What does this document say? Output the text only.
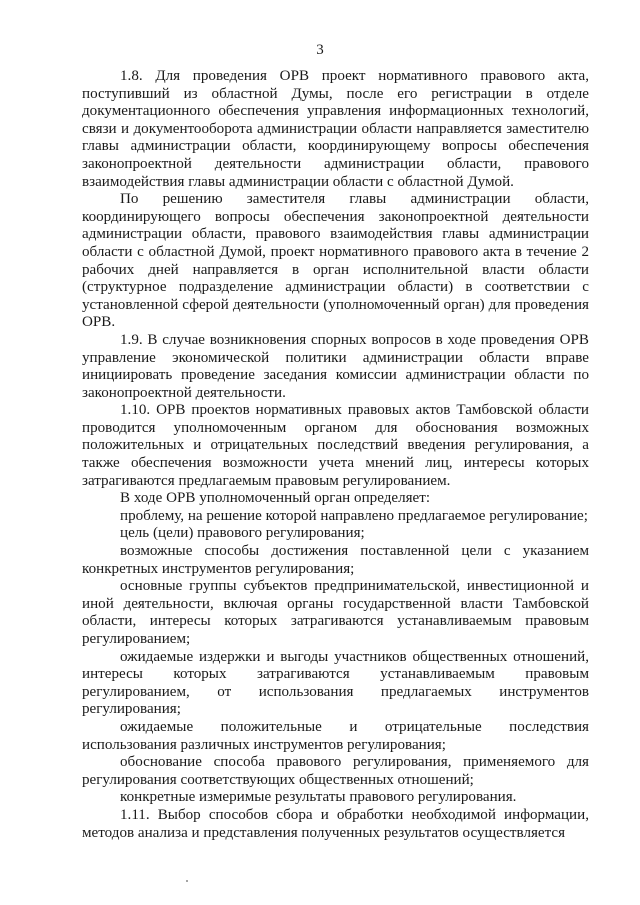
3

1.8. Для проведения ОРВ проект нормативного правового акта, поступивший из областной Думы, после его регистрации в отделе документационного обеспечения управления информационных технологий, связи и документооборота администрации области направляется заместителю главы администрации области, координирующему вопросы обеспечения законопроектной деятельности администрации области, правового взаимодействия главы администрации области с областной Думой.

По решению заместителя главы администрации области, координирующего вопросы обеспечения законопроектной деятельности администрации области, правового взаимодействия главы администрации области с областной Думой, проект нормативного правового акта в течение 2 рабочих дней направляется в орган исполнительной власти области (структурное подразделение администрации области) в соответствии с установленной сферой деятельности (уполномоченный орган) для проведения ОРВ.

1.9. В случае возникновения спорных вопросов в ходе проведения ОРВ управление экономической политики администрации области вправе инициировать проведение заседания комиссии администрации области по законопроектной деятельности.

1.10. ОРВ проектов нормативных правовых актов Тамбовской области проводится уполномоченным органом для обоснования возможных положительных и отрицательных последствий введения регулирования, а также обеспечения возможности учета мнений лиц, интересы которых затрагиваются предлагаемым правовым регулированием.

В ходе ОРВ уполномоченный орган определяет:

проблему, на решение которой направлено предлагаемое регулирование;

цель (цели) правового регулирования;

возможные способы достижения поставленной цели с указанием конкретных инструментов регулирования;

основные группы субъектов предпринимательской, инвестиционной и иной деятельности, включая органы государственной власти Тамбовской области, интересы которых затрагиваются устанавливаемым правовым регулированием;

ожидаемые издержки и выгоды участников общественных отношений, интересы которых затрагиваются устанавливаемым правовым регулированием, от использования предлагаемых инструментов регулирования;

ожидаемые положительные и отрицательные последствия использования различных инструментов регулирования;

обоснование способа правового регулирования, применяемого для регулирования соответствующих общественных отношений;

конкретные измеримые результаты правового регулирования.

1.11. Выбор способов сбора и обработки необходимой информации, методов анализа и представления полученных результатов осуществляется
